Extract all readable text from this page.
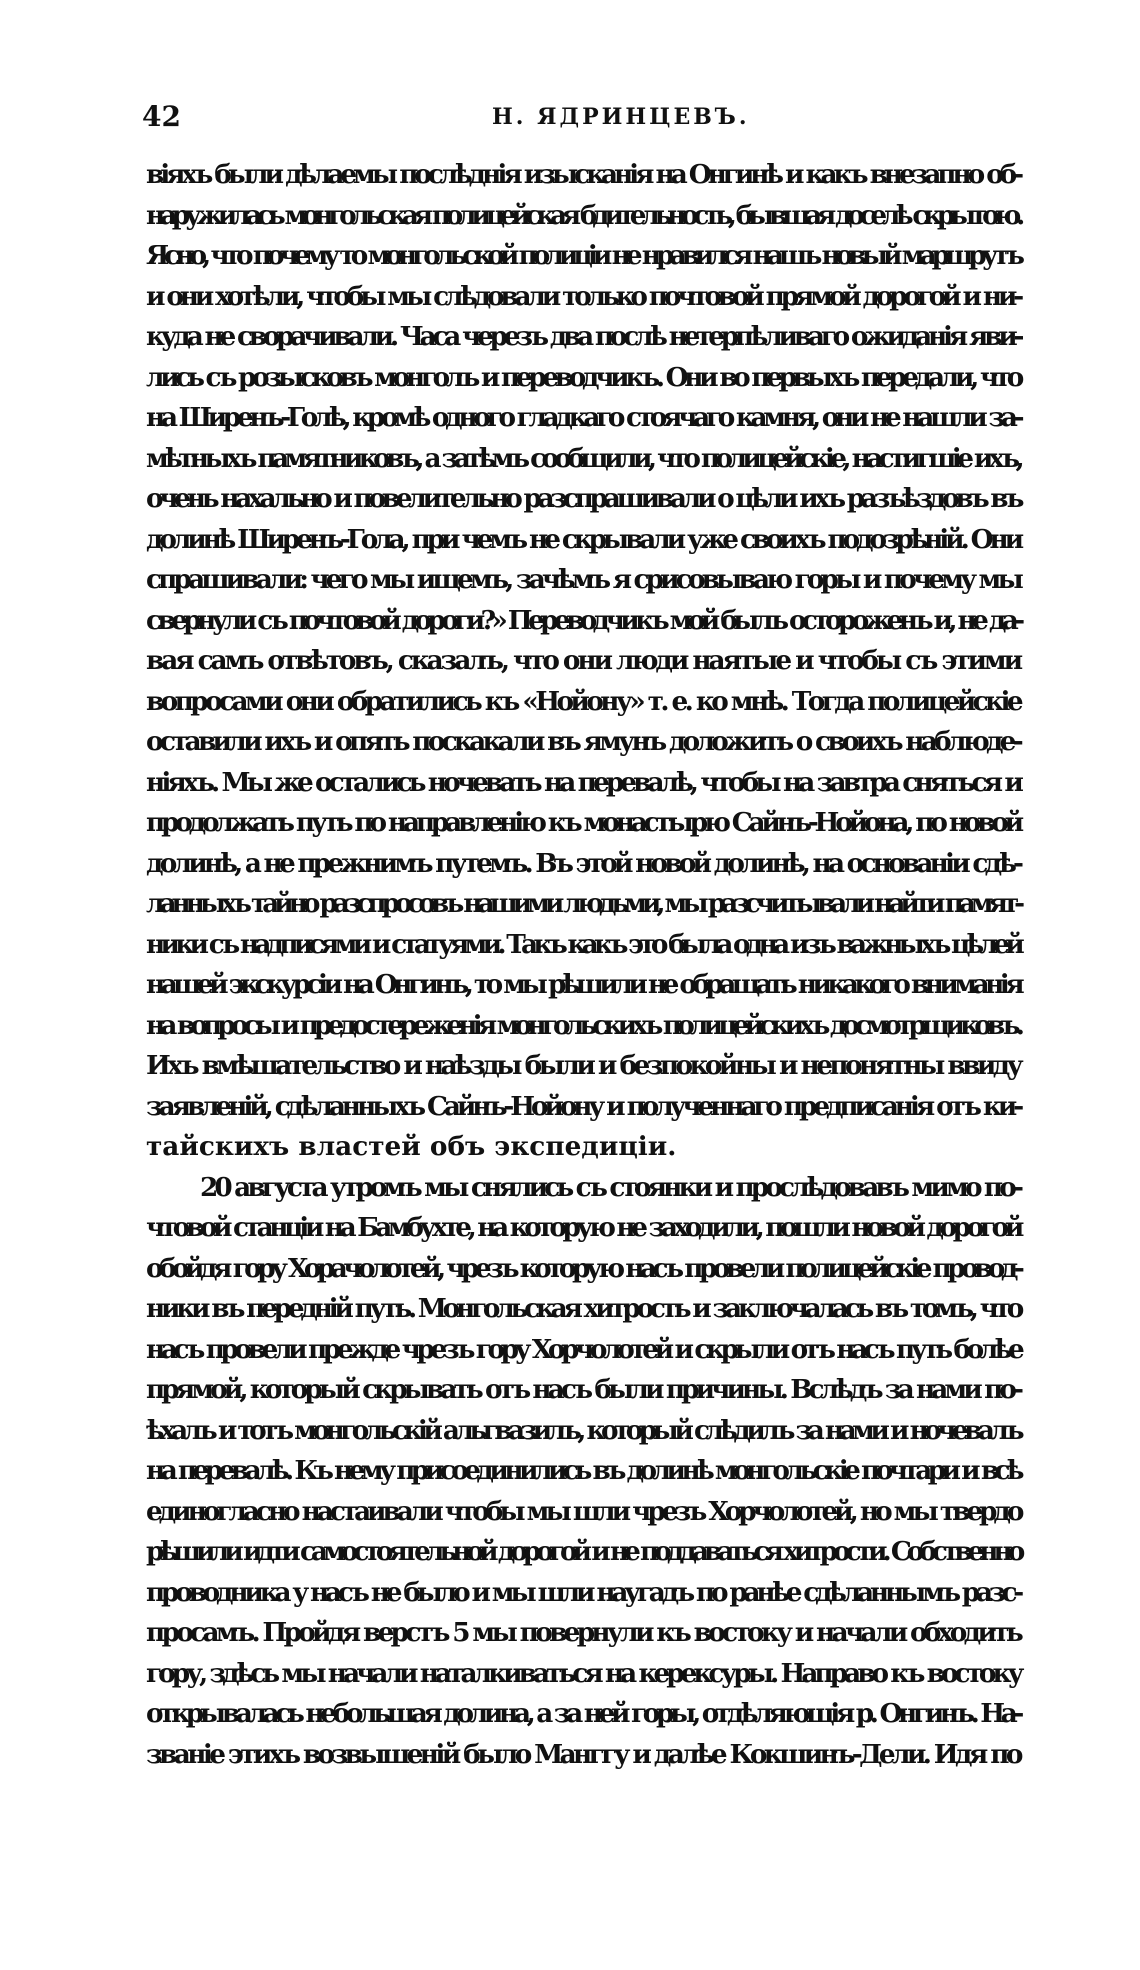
42	Н. ЯДРИНЦЕВЪ.
віяхъ были дѣлаемы послѣднія изысканія на Онгинѣ и какъ внезапно об-
наружилась монгольская полицейская бдительность, бывшая доселѣ скрытою.
Ясно, что почему то монгольской полиціи не нравился нашъ новый маршрутъ
и они хотѣли, чтобы мы слѣдовали только почтовой прямой дорогой и ни-
куда не сворачивали. Часа черезъ два послѣ нетерпѣливаго ожиданія яви-
лись съ розысковъ монголъ и переводчикъ. Они во первыхъ передали, что
на Ширенъ-Голѣ, кромѣ одного гладкаго стоячаго камня, они не нашли за-
мѣтныхъ памятниковъ, а затѣмъ сообщили, что полицейскіе, настигшіе ихъ,
очень нахально и повелительно разспрашивали о цѣли ихъ разъѣздовъ въ
долинѣ Ширенъ-Гола, при чемъ не скрывали уже своихъ подозрѣній. Они
спрашивали: чего мы ищемъ, зачѣмъ я срисовываю горы и почему мы
свернули съ почтовой дороги?» Переводчикъ мой былъ остороженъ и, не да-
вая самъ отвѣтовъ, сказалъ, что они люди наятые и чтобы съ этими
вопросами они обратились къ «Нойону» т. е. ко мнѣ. Тогда полицейскіе
оставили ихъ и опять поскакали въ ямунъ доложить о своихъ наблюде-
ніяхъ. Мы же остались ночевать на перевалѣ, чтобы на завтра сняться и
продолжать путь по направленію къ монастырю Сайнъ-Нойона, по новой
долинѣ, а не прежнимъ путемъ. Въ этой новой долинѣ, на основаніи сдѣ-
ланныхъ тайно разспросовъ нашими людьми, мы разсчитывали найти памят-
ники съ надписями и статуями. Такъ какъ это была одна изъ важныхъ цѣлей
нашей экскурсіи на Онгинъ, то мы рѣшили не обращать никакого вниманія
на вопросы и предостереженія монгольскихъ полицейскихъ досмотрщиковъ.
Ихъ вмѣшательство и наѣзды были и безпокойны и непонятны ввиду
заявленій, сдѣланныхъ Сайнъ-Нойону и полученнаго предписанія отъ ки-
тайскихъ властей объ экспедиціи.
20 августа утромъ мы снялись съ стоянки и прослѣдовавъ мимо по-
чтовой станціи на Бамбухте, на которую не заходили, пошли новой дорогой
обойдя гору Хорачолотей, чрезъ которую насъ провели полицейскіе провод-
ники въ передній путь. Монгольская хитрость и заключалась въ томъ, что
насъ провели прежде чрезъ гору Хорчолотей и скрыли отъ насъ путь болѣе
прямой, который скрывать отъ насъ были причины. Вслѣдъ за нами по-
ѣхалъ и тотъ монгольскій альгвазилъ, который слѣдилъ за нами и ночевалъ
на перевалѣ. Къ нему присоединились въ долинѣ монгольскіе почтари и всѣ
единогласно настаивали чтобы мы шли чрезъ Хорчолотей, но мы твердо
рѣшили идти самостоятельной дорогой и не поддаваться хитрости. Собственно
проводника у насъ не было и мы шли наугадъ по ранѣе сдѣланнымъ разс-
просамъ. Пройдя верстъ 5 мы повернули къ востоку и начали обходить
гору, здѣсь мы начали наталкиваться на керексуры. Направо къ востоку
открывалась небольшая долина, а за ней горы, отдѣляющія р. Онгинъ. На-
званіе этихъ возвышеній было Манггу и далѣе Кокшинъ-Дели. Идя по
